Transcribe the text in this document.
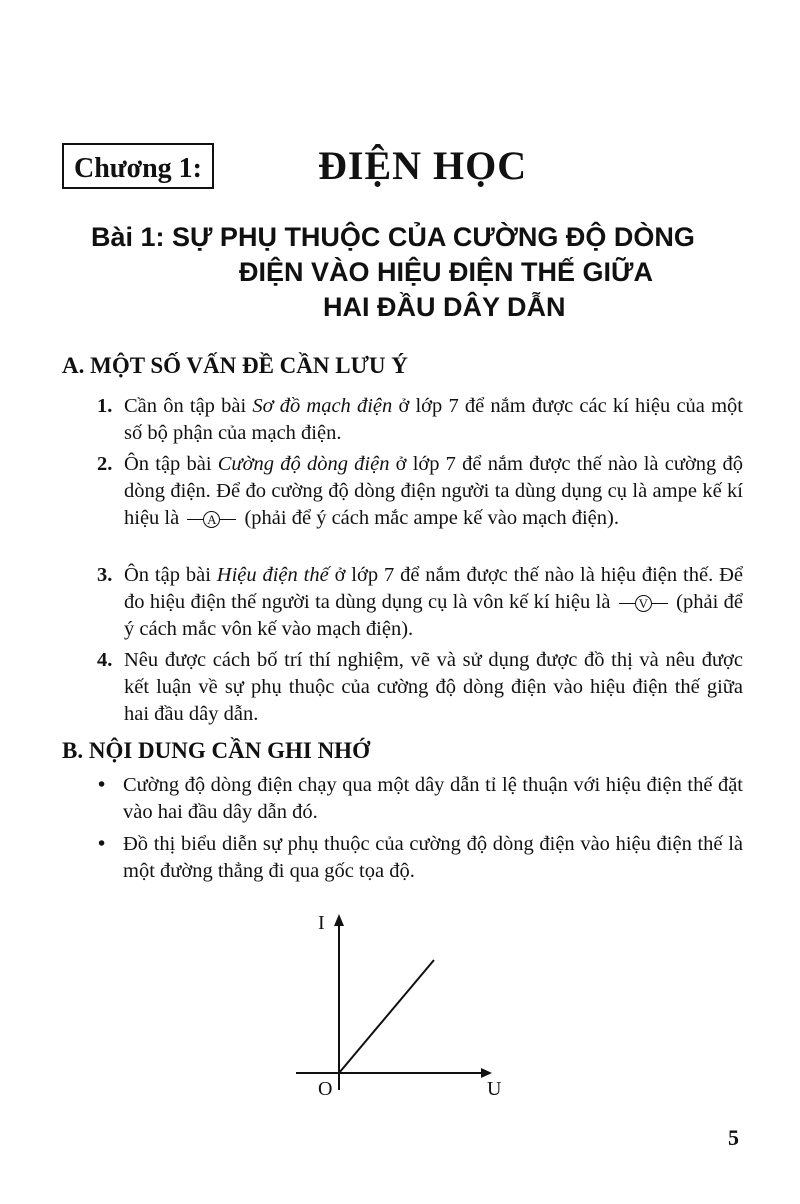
Chương 1:	ĐIỆN HỌC
Bài 1: SỰ PHỤ THUỘC CỦA CƯỜNG ĐỘ DÒNG
ĐIỆN VÀO HIỆU ĐIỆN THẾ GIỮA
HAI ĐẦU DÂY DẪN
A. MỘT SỐ VẤN ĐỀ CẦN LƯU Ý
1. Cần ôn tập bài Sơ đồ mạch điện ở lớp 7 để nắm được các kí hiệu của một số bộ phận của mạch điện.
2. Ôn tập bài Cường độ dòng điện ở lớp 7 để nắm được thế nào là cường độ dòng điện. Để đo cường độ dòng điện người ta dùng dụng cụ là ampe kế kí hiệu là A (phải để ý cách mắc ampe kế vào mạch điện).
3. Ôn tập bài Hiệu điện thế ở lớp 7 để nắm được thế nào là hiệu điện thế. Để đo hiệu điện thế người ta dùng dụng cụ là vôn kế kí hiệu là V (phải để ý cách mắc vôn kế vào mạch điện).
4. Nêu được cách bố trí thí nghiệm, vẽ và sử dụng được đồ thị và nêu được kết luận về sự phụ thuộc của cường độ dòng điện vào hiệu điện thế giữa hai đầu dây dẫn.
B. NỘI DUNG CẦN GHI NHỚ
• Cường độ dòng điện chạy qua một dây dẫn tỉ lệ thuận với hiệu điện thế đặt vào hai đầu dây dẫn đó.
• Đồ thị biểu diễn sự phụ thuộc của cường độ dòng điện vào hiệu điện thế là một đường thẳng đi qua gốc tọa độ.
I
U
O
5
